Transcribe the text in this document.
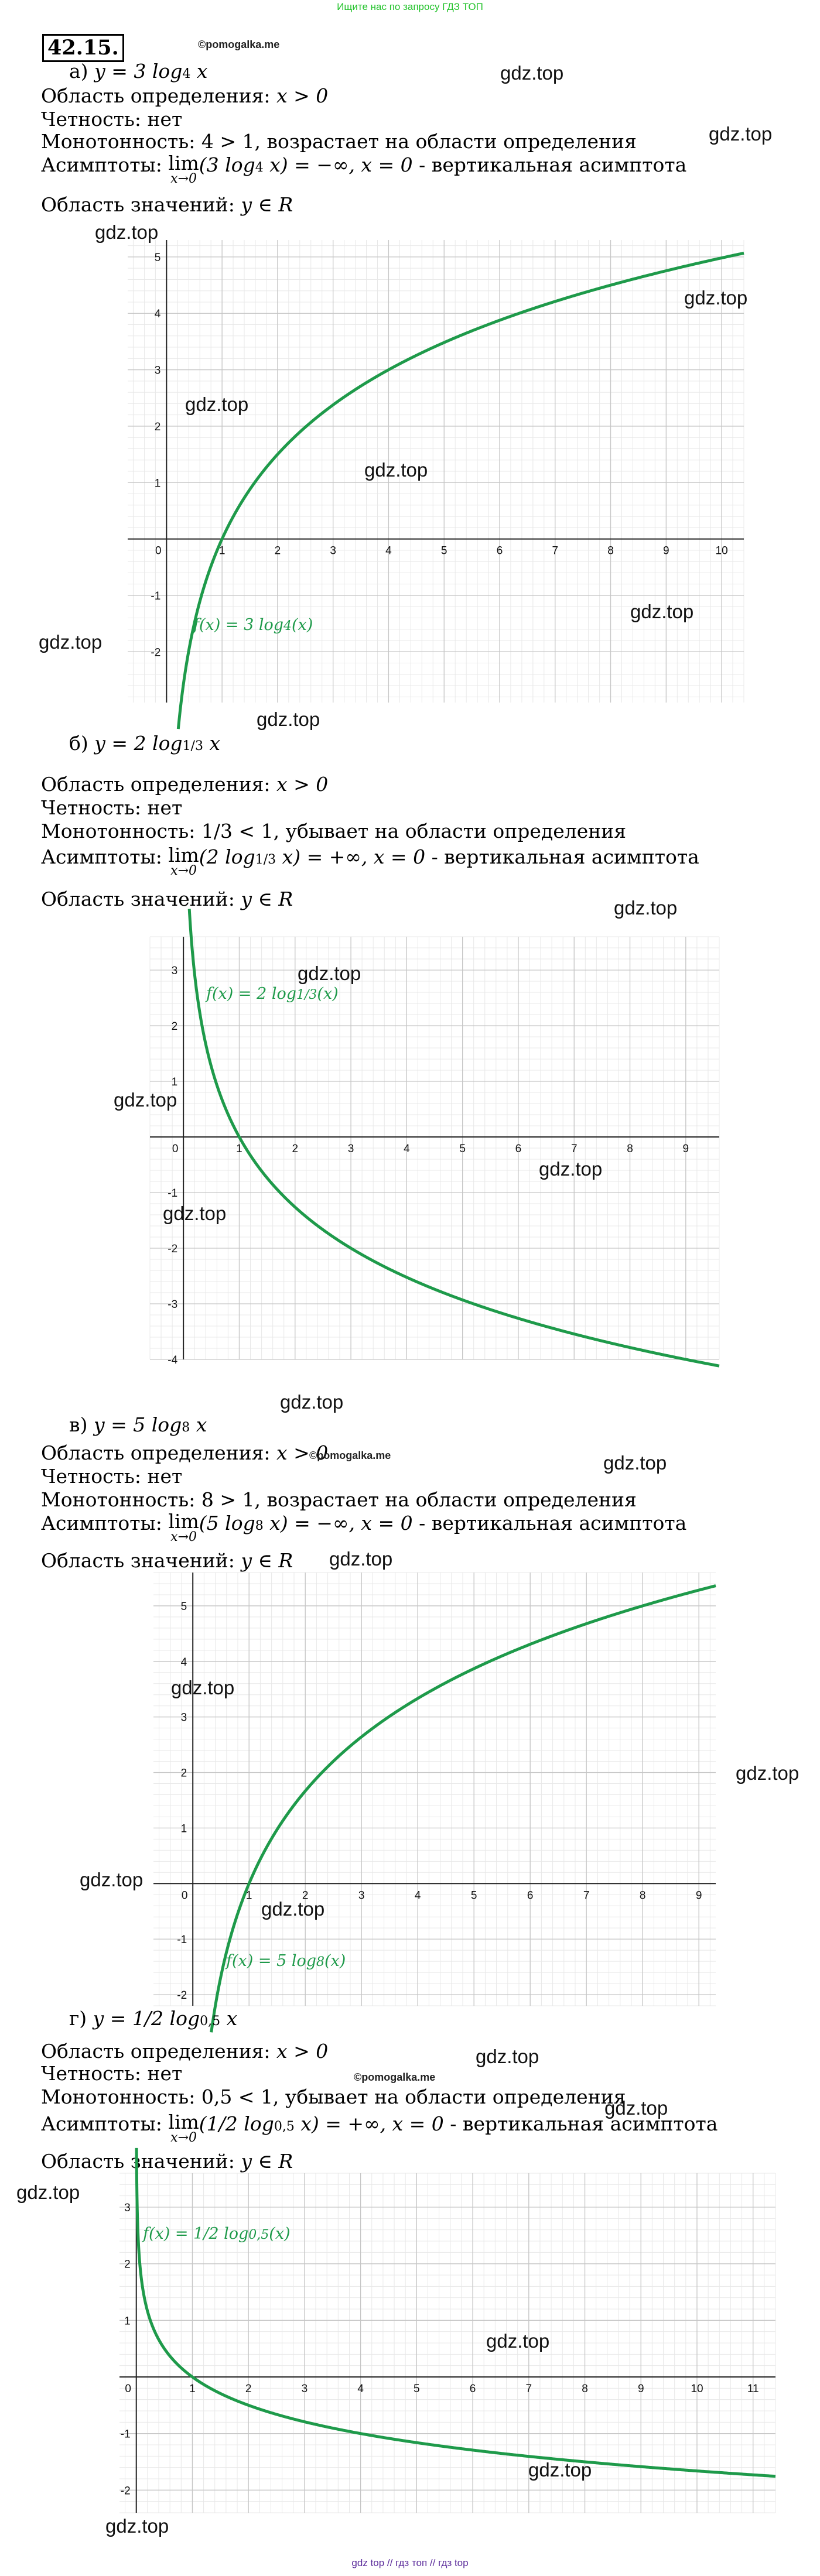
Ищите нас по запросу ГДЗ ТОП
42.15.	©pomogalka.me
а) y = 3 log4 x
Область определения: x > 0
Четность: нет
Монотонность: 4 > 1, возрастает на области определения
Асимптоты: lim

x→0
(3 log4 x) = −∞, x = 0 - вертикальная асимптота
Область значений: y ∈ R
0	1	2	3	4	5	6	7	8	9	10
-2
-1
1
2
3
4
5
f(x) = 3 log4(x)
б) y = 2 log1/3 x
Область определения: x > 0
Четность: нет
Монотонность: 1/3 < 1, убывает на области определения
Асимптоты: lim

x→0
(2 log1/3 x) = +∞, x = 0 - вертикальная асимптота
Область значений: y ∈ R
0	1	2	3	4	5	6	7	8	9
-4
-3
-2
-1
1
2
3
f(x) = 2 log1/3(x)
в) y = 5 log8 x
Область определения: x > 0
©pomogalka.me
Четность: нет
Монотонность: 8 > 1, возрастает на области определения
Асимптоты: lim

x→0
(5 log8 x) = −∞, x = 0 - вертикальная асимптота
Область значений: y ∈ R
0	1	2	3	4	5	6	7	8	9
-2
-1
1
2
3
4
5
f(x) = 5 log8(x)
г) y = 1/2 log0,5 x
Область определения: x > 0
©pomogalka.me
Четность: нет
Монотонность: 0,5 < 1, убывает на области определения
Асимптоты: lim

x→0
(1/2 log0,5 x) = +∞, x = 0 - вертикальная асимптота
Область значений: y ∈ R
0	1	2	3	4	5	6	7	8	9	10	11
-2
-1
1
2
3
f(x) = 1/2 log0,5(x)
gdz.top
gdz.top
gdz.top
gdz.top
gdz.top
gdz.top
gdz.top
gdz.top
gdz.top
gdz.top
gdz.top
gdz.top
gdz.top
gdz.top
gdz.top
gdz.top
gdz.top
gdz.top
gdz.top
gdz.top
gdz.top
gdz.top
gdz.top
gdz.top
gdz.top
gdz.top
gdz.top
gdz top // гдз топ // гдз top
